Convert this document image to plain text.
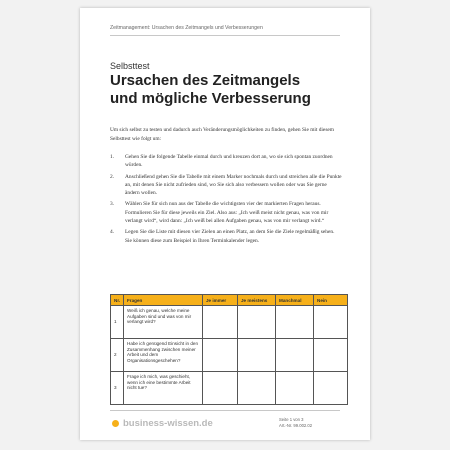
Zeitmanagement: Ursachen des Zeitmangels und Verbesserungen
Selbsttest
Ursachen des Zeitmangels
und mögliche Verbesserung
Um sich selbst zu testen und dadurch auch Veränderungsmöglichkeiten zu finden, gehen Sie mit diesem Selbsttest wie folgt um:
1. Gehen Sie die folgende Tabelle einmal durch und kreuzen dort an, wo sie sich spontan zuordnen würden.
2. Anschließend gehen Sie die Tabelle mit einem Marker nochmals durch und streichen alle die Punkte an, mit denen Sie nicht zufrieden sind, wo Sie sich also verbessern wollen oder was Sie gerne ändern wollen.
3. Wählen Sie für sich nun aus der Tabelle die wichtigsten vier der markierten Fragen heraus. Formulieren Sie für diese jeweils ein Ziel. Also aus: „Ich weiß meist nicht genau, was von mir verlangt wird“, wird dann: „Ich weiß bei allen Aufgaben genau, was von mir verlangt wird.“
4. Legen Sie die Liste mit diesen vier Zielen an einen Platz, an dem Sie die Ziele regelmäßig sehen. Sie können diese zum Beispiel in Ihren Terminkalender legen.
Nr.	Fragen	Je immer	Je meistens	Manchmal	Nein
1	Weiß ich genau, welche meine Aufgaben sind und was von mir verlangt wird?				
2	Habe ich genügend Einsicht in den Zusammenhang zwischen meiner Arbeit und dem Organisationsgeschehen?				
3	Frage ich mich, was geschieht, wenn ich eine bestimmte Arbeit nicht tue?				
business-wissen.de	Seite 1 von 3
Art.-Nr. 99.002.02
